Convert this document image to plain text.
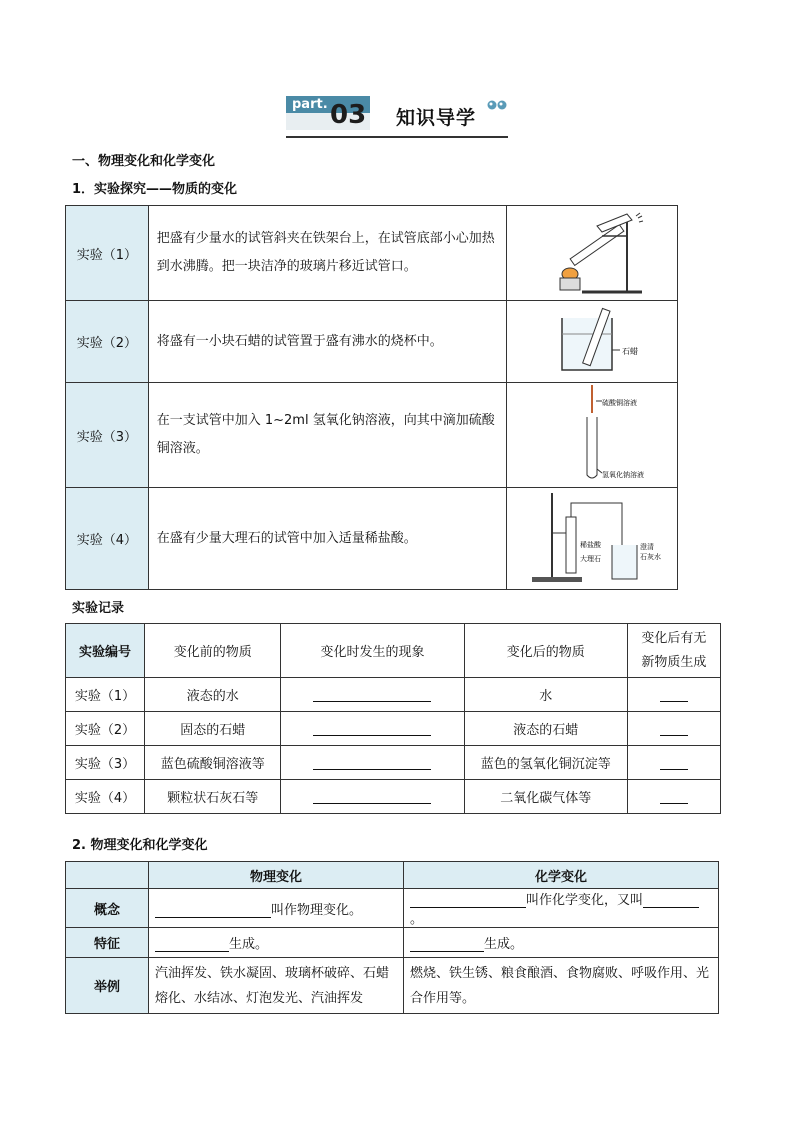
part. 03 知识导学
一、物理变化和化学变化
1．实验探究——物质的变化
实验（1）	把盛有少量水的试管斜夹在铁架台上，在试管底部小心加热到水沸腾。把一块洁净的玻璃片移近试管口。	
实验（2）	将盛有一小块石蜡的试管置于盛有沸水的烧杯中。	石蜡

实验（3）	在一支试管中加入 1~2ml 氢氧化钠溶液，向其中滴加硫酸铜溶液。	硫酸铜溶液
氢氧化钠溶液

实验（4）	在盛有少量大理石的试管中加入适量稀盐酸。	稀盐酸
大理石
澄清
石灰水
实验记录
实验编号	变化前的物质	变化时发生的现象	变化后的物质	变化后有无
新物质生成
实验（1）	液态的水		水	
实验（2）	固态的石蜡		液态的石蜡	
实验（3）	蓝色硫酸铜溶液等		蓝色的氢氧化铜沉淀等	
实验（4）	颗粒状石灰石等		二氧化碳气体等	
2. 物理变化和化学变化
	物理变化	化学变化
概念	叫作物理变化。	叫作化学变化，又叫。
特征	生成。	生成。
举例	汽油挥发、铁水凝固、玻璃杯破碎、石蜡熔化、水结冰、灯泡发光、汽油挥发	燃烧、铁生锈、粮食酿酒、食物腐败、呼吸作用、光合作用等。
